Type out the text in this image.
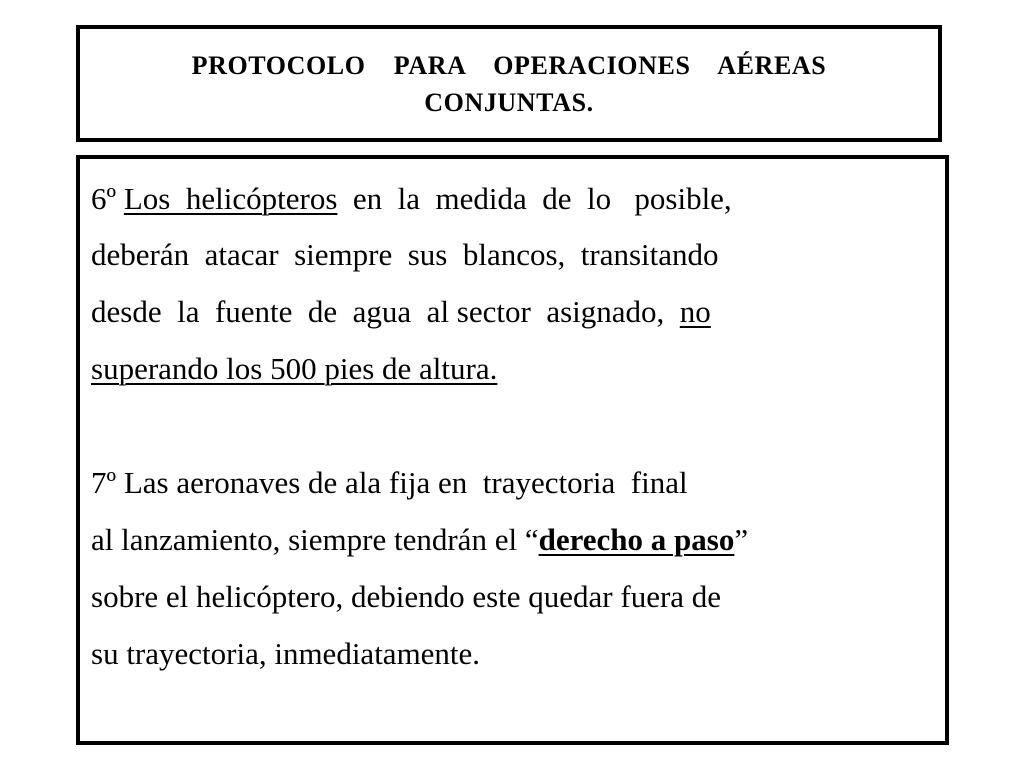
PROTOCOLO  PARA  OPERACIONES  AÉREAS
CONJUNTAS.
6º Los  helicópteros  en  la  medida  de  lo   posible,
deberán  atacar  siempre  sus  blancos,  transitando
desde  la  fuente  de  agua  al sector  asignado,  no
superando los 500 pies de altura.
7º Las aeronaves de ala fija en  trayectoria  final
al lanzamiento, siempre tendrán el “derecho a paso”
sobre el helicóptero, debiendo este quedar fuera de
su trayectoria, inmediatamente.
